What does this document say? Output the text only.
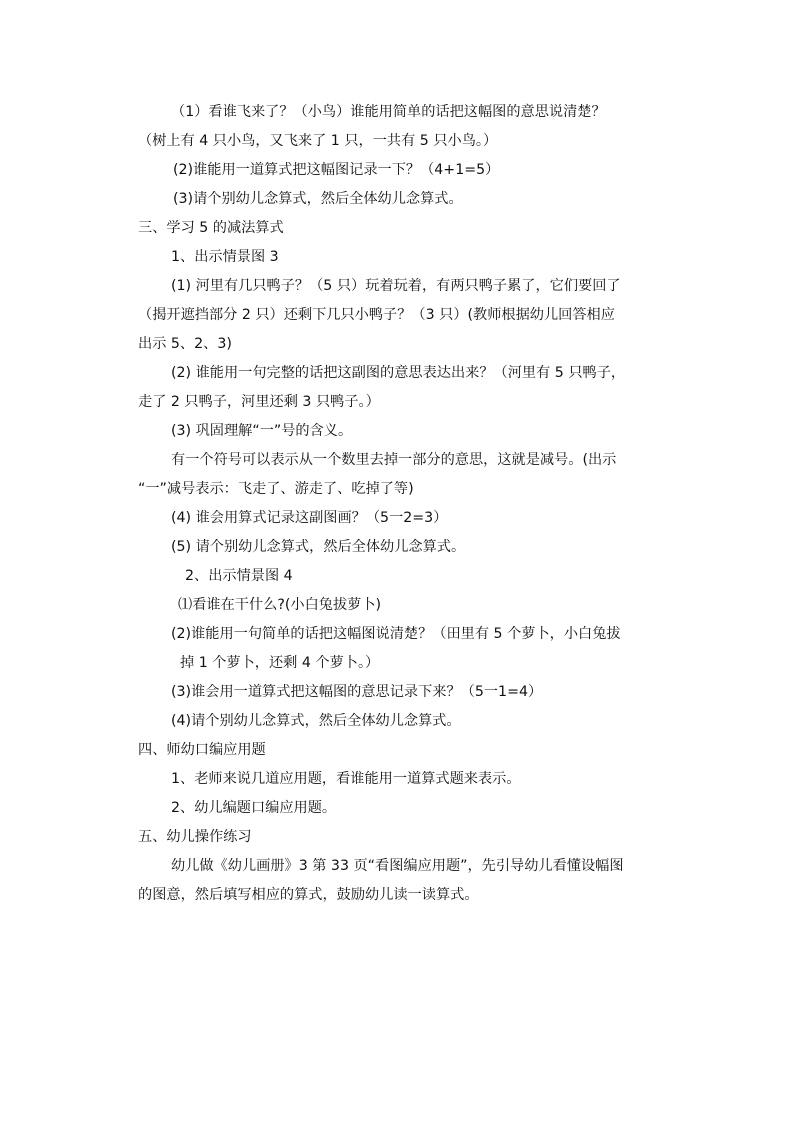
（1）看谁飞来了？（小鸟）谁能用简单的话把这幅图的意思说清楚？
（树上有 4 只小鸟，又飞来了 1 只，一共有 5 只小鸟。）
(2)谁能用一道算式把这幅图记录一下？（4+1=5）
(3)请个别幼儿念算式，然后全体幼儿念算式。
三、学习 5 的减法算式
1、出示情景图 3
(1) 河里有几只鸭子？（5 只）玩着玩着，有两只鸭子累了，它们要回了
（揭开遮挡部分 2 只）还剩下几只小鸭子？（3 只）(教师根据幼儿回答相应
出示 5、2、3)
(2) 谁能用一句完整的话把这副图的意思表达出来？（河里有 5 只鸭子，
走了 2 只鸭子，河里还剩 3 只鸭子。）
(3) 巩固理解“一”号的含义。
有一个符号可以表示从一个数里去掉一部分的意思，这就是减号。(出示
“一”减号表示：飞走了、游走了、吃掉了等)
(4) 谁会用算式记录这副图画？（5一2=3）
(5) 请个别幼儿念算式，然后全体幼儿念算式。
2、出示情景图 4
⑴看谁在干什么?(小白兔拔萝卜)
(2)谁能用一句简单的话把这幅图说清楚？（田里有 5 个萝卜，小白兔拔
掉 1 个萝卜，还剩 4 个萝卜。）
(3)谁会用一道算式把这幅图的意思记录下来？（5一1=4）
(4)请个别幼儿念算式，然后全体幼儿念算式。
四、师幼口编应用题
1、老师来说几道应用题，看谁能用一道算式题来表示。
2、幼儿编题口编应用题。
五、幼儿操作练习
幼儿做《幼儿画册》3 第 33 页“看图编应用题”，先引导幼儿看懂设幅图
的图意，然后填写相应的算式，鼓励幼儿读一读算式。
